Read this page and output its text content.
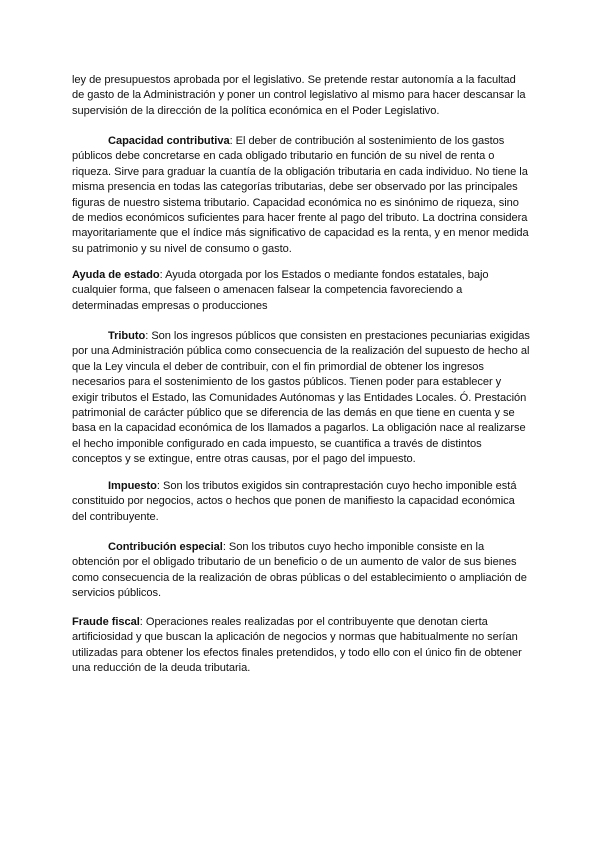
ley de presupuestos aprobada por el legislativo. Se pretende restar autonomía a la facultad de gasto de la Administración y poner un control legislativo al mismo para hacer descansar la supervisión de la dirección de la política económica en el Poder Legislativo.

Capacidad contributiva: El deber de contribución al sostenimiento de los gastos públicos debe concretarse en cada obligado tributario en función de su nivel de renta o riqueza. Sirve para graduar la cuantía de la obligación tributaria en cada individuo. No tiene la misma presencia en todas las categorías tributarias, debe ser observado por las principales figuras de nuestro sistema tributario. Capacidad económica no es sinónimo de riqueza, sino de medios económicos suficientes para hacer frente al pago del tributo. La doctrina considera mayoritariamente que el índice más significativo de capacidad es la renta, y en menor medida su patrimonio y su nivel de consumo o gasto.

Ayuda de estado: Ayuda otorgada por los Estados o mediante fondos estatales, bajo cualquier forma, que falseen o amenacen falsear la competencia favoreciendo a determinadas empresas o producciones

Tributo: Son los ingresos públicos que consisten en prestaciones pecuniarias exigidas por una Administración pública como consecuencia de la realización del supuesto de hecho al que la Ley vincula el deber de contribuir, con el fin primordial de obtener los ingresos necesarios para el sostenimiento de los gastos públicos. Tienen poder para establecer y exigir tributos el Estado, las Comunidades Autónomas y las Entidades Locales. Ó. Prestación patrimonial de carácter público que se diferencia de las demás en que tiene en cuenta y se basa en la capacidad económica de los llamados a pagarlos. La obligación nace al realizarse el hecho imponible configurado en cada impuesto, se cuantifica a través de distintos conceptos y se extingue, entre otras causas, por el pago del impuesto.

Impuesto: Son los tributos exigidos sin contraprestación cuyo hecho imponible está constituido por negocios, actos o hechos que ponen de manifiesto la capacidad económica del contribuyente.

Contribución especial: Son los tributos cuyo hecho imponible consiste en la obtención por el obligado tributario de un beneficio o de un aumento de valor de sus bienes como consecuencia de la realización de obras públicas o del establecimiento o ampliación de servicios públicos.

Fraude fiscal: Operaciones reales realizadas por el contribuyente que denotan cierta artificiosidad y que buscan la aplicación de negocios y normas que habitualmente no serían utilizadas para obtener los efectos finales pretendidos, y todo ello con el único fin de obtener una reducción de la deuda tributaria.
